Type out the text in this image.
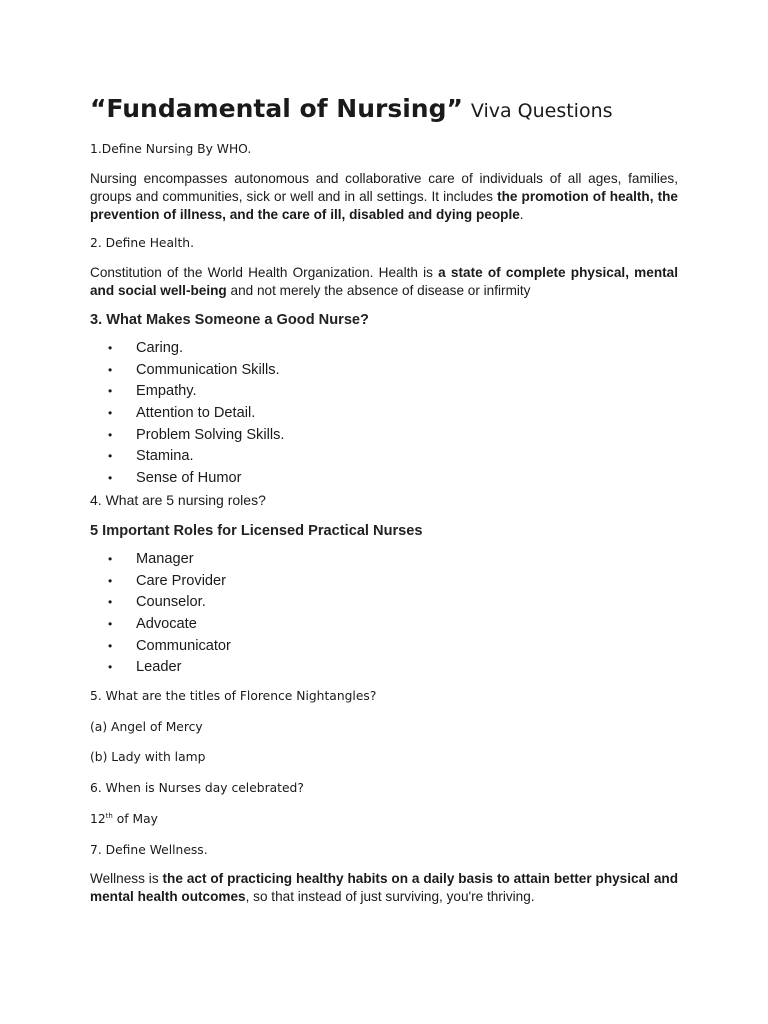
“Fundamental of Nursing” Viva Questions
1.Define Nursing By WHO.
Nursing encompasses autonomous and collaborative care of individuals of all ages, families, groups and communities, sick or well and in all settings. It includes the promotion of health, the prevention of illness, and the care of ill, disabled and dying people.
2. Define Health.
Constitution of the World Health Organization. Health is a state of complete physical, mental and social well-being and not merely the absence of disease or infirmity
3. What Makes Someone a Good Nurse?
• Caring.
• Communication Skills.
• Empathy.
• Attention to Detail.
• Problem Solving Skills.
• Stamina.
• Sense of Humor
4. What are 5 nursing roles?
5 Important Roles for Licensed Practical Nurses
• Manager
• Care Provider
• Counselor.
• Advocate
• Communicator
• Leader
5. What are the titles of Florence Nightangles?
(a) Angel of Mercy
(b) Lady with lamp
6. When is Nurses day celebrated?
12th of May
7. Define Wellness.
Wellness is the act of practicing healthy habits on a daily basis to attain better physical and mental health outcomes, so that instead of just surviving, you're thriving.
